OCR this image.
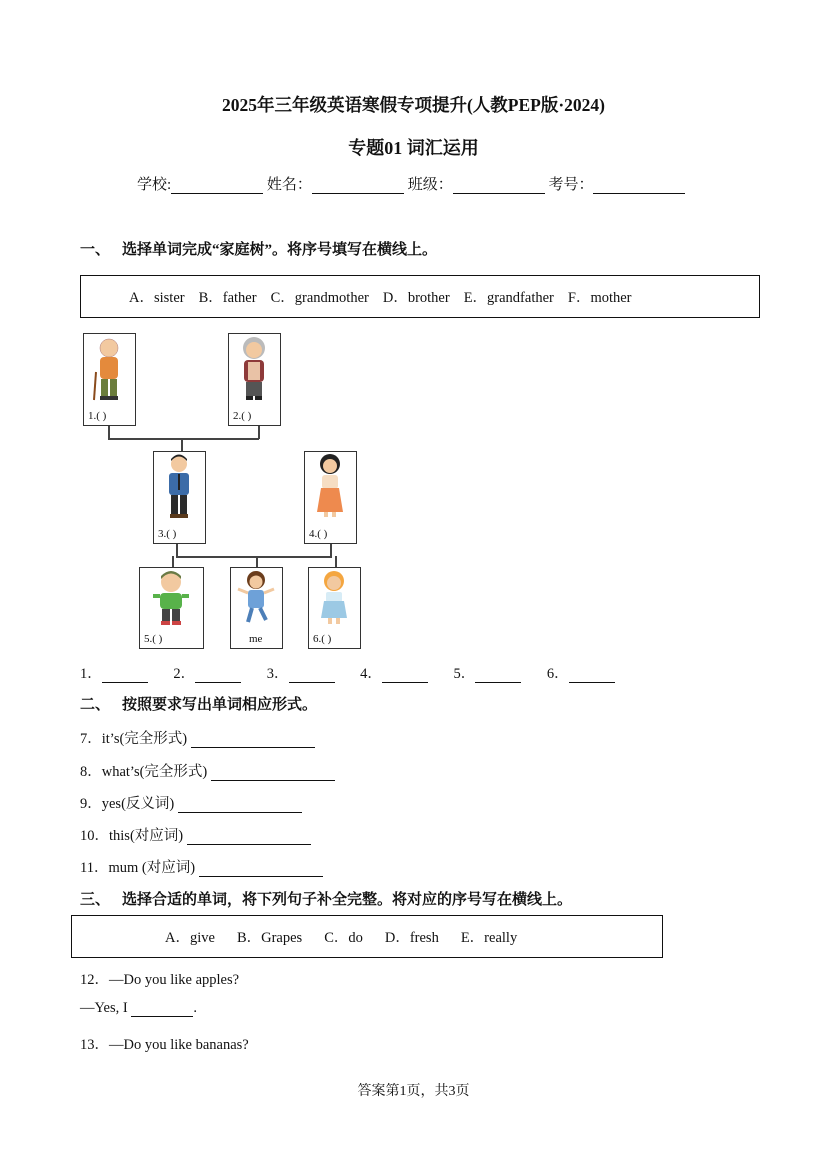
2025年三年级英语寒假专项提升(人教PEP版·2024)
专题01 词汇运用
学校:	姓名：	班级：	考号：
一、 选择单词完成“家庭树”。将序号填写在横线上。
A．sister B．father C．grandmother D．brother E．grandfather F．mother
1.( )	2.( )
3.( )	4.( )
5.( )	me	6.( )
1．	2．	3．	4．	5．	6．
二、 按照要求写出单词相应形式。
7．it’s(完全形式)
8．what’s(完全形式)
9．yes(反义词)
10．this(对应词)
11．mum (对应词)
三、 选择合适的单词，将下列句子补全完整。将对应的序号写在横线上。
A．give B．Grapes C．do D．fresh E．really
12．—Do you like apples?
—Yes, I	.
13．—Do you like bananas?
答案第1页，共3页
